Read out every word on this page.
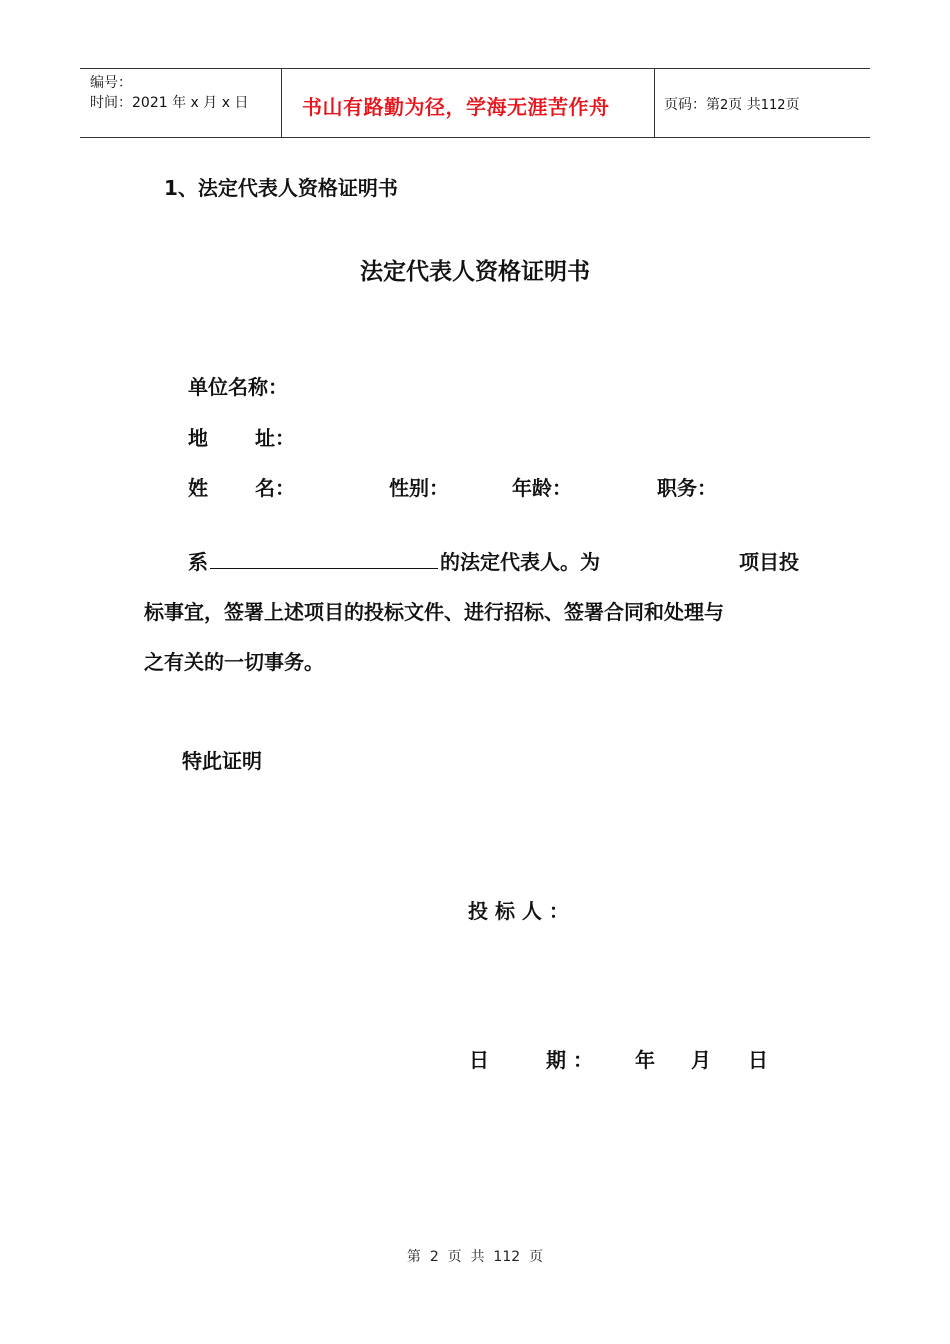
编号：
时间：2021 年 x 月 x 日	书山有路勤为径，学海无涯苦作舟	页码：第2页 共112页
1、法定代表人资格证明书
法定代表人资格证明书
单位名称：
地 址：
姓 名：	性别：	年龄：	职务：
系	的法定代表人。为	项目投
标事宜，签署上述项目的投标文件、进行招标、签署合同和处理与
之有关的一切事务。
特此证明
投 标 人 ：
日	期 ： 年 月 日
第  2  页  共  112  页
